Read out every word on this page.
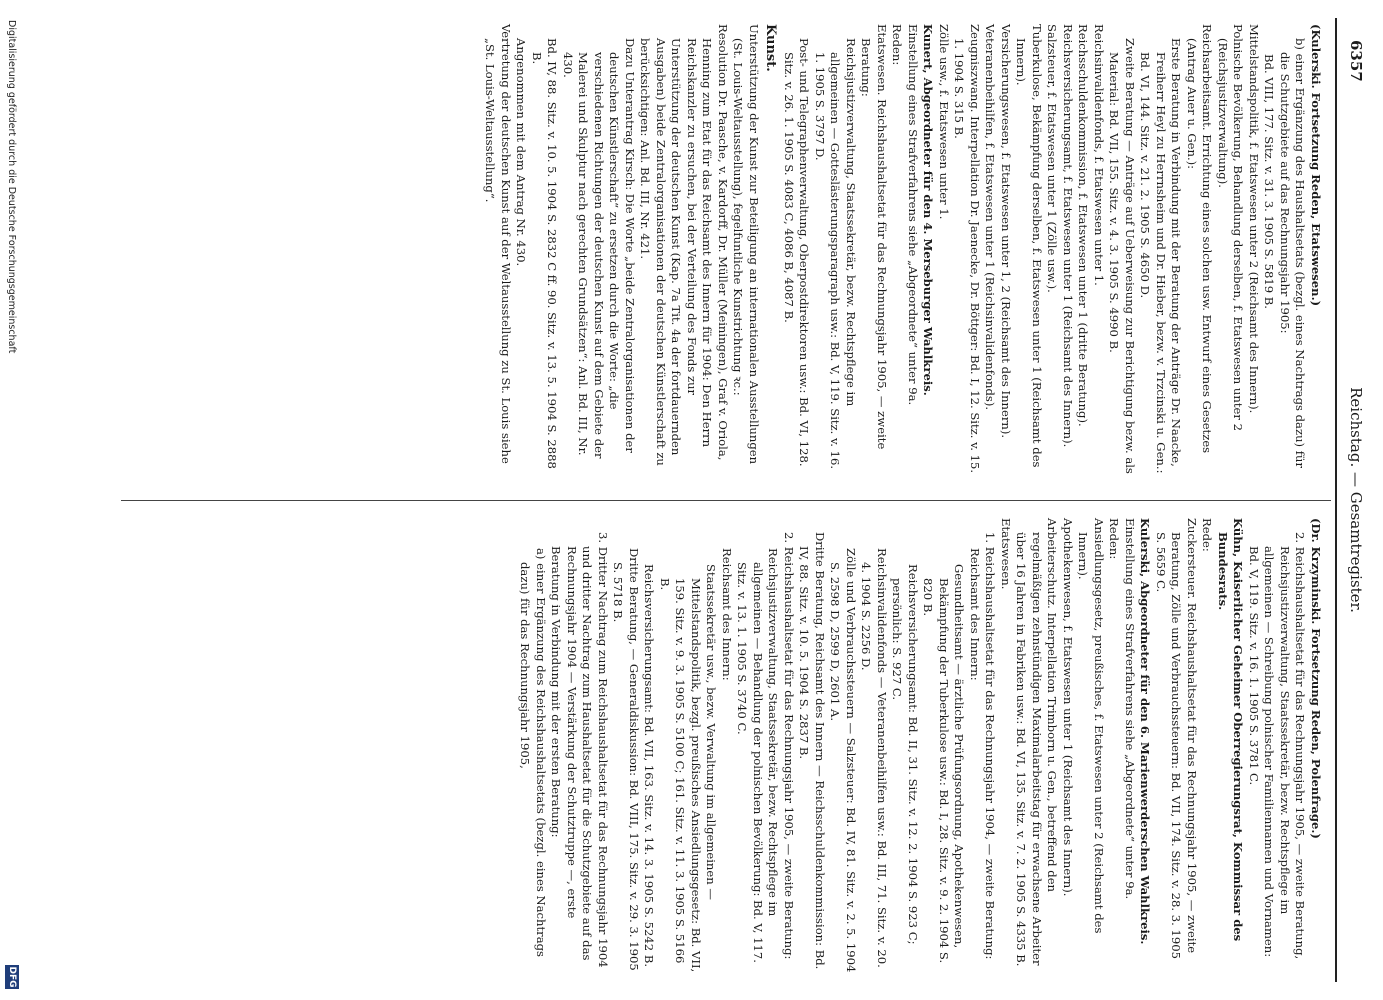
6357
Reichstag. — Gesamtregister.

(Kulerski. Fortsetzung Reden, Etatswesen.)

b) einer Ergänzung des Haushaltsetats (bezgl. eines Nachtrags dazu) für die Schutzgebiete auf das Rechnungsjahr 1905:

Bd. VIII, 177. Sitz. v. 31. 3. 1905 S. 5819 B.

Mittelstandspolitik, f. Etatswesen unter 2 (Reichsamt des Innern).

Polnische Bevölkerung, Behandlung derselben, f. Etatswesen unter 2 (Reichsjustizverwaltung).

Reichsarbeitsamt. Errichtung eines solchen usw. Entwurf eines Gesetzes (Antrag Auer u. Gen.):

Erste Beratung in Verbindung mit der Beratung der Anträge Dr. Naacke, Freiherr Heyl zu Herrnsheim und Dr. Hieber, bezw. v. Trzcinski u. Gen.: Bd. VI, 144. Sitz. v. 21. 2. 1905 S. 4650 D.

Zweite Beratung — Anträge auf Ueberweisung zur Berichtigung bezw. als Material: Bd. VII, 155. Sitz. v. 4. 3. 1905 S. 4990 B.

Reichsinvalidenfonds, f. Etatswesen unter 1.

Reichsschuldenkommission, f. Etatswesen unter 1 (dritte Beratung).

Reichsversicherungsamt, f. Etatswesen unter 1 (Reichsamt des Innern).

Salzsteuer, f. Etatswesen unter 1 (Zölle usw.).

Tuberkulose, Bekämpfung derselben, f. Etatswesen unter 1 (Reichsamt des Innern).

Versicherungswesen, f. Etatswesen unter 1, 2 (Reichsamt des Innern).

Veteranenbeihilfen, f. Etatswesen unter 1 (Reichsinvalidenfonds).

Zeugniszwang. Interpellation Dr. Jaenecke, Dr. Böttger: Bd. I, 12. Sitz. v. 15. 1. 1904 S. 315 B.

Zölle usw., f. Etatswesen unter 1.

Kunert, Abgeordneter für den 4. Merseburger Wahlkreis.

Einstellung eines Strafverfahrens siehe „Abgeordnete“ unter 9a.

Reden:

Etatswesen. Reichshaushaltsetat für das Rechnungsjahr 1905, — zweite Beratung:

Reichsjustizverwaltung, Staatssekretär, bezw. Rechtspflege im allgemeinen — Gotteslästerungsparagraph usw.: Bd. V, 119. Sitz. v. 16. 1. 1905 S. 3797 D.

Post- und Telegraphenverwaltung, Oberpostdirektoren usw.: Bd. VI, 128. Sitz. v. 26. 1. 1905 S. 4083 C, 4086 B, 4087 B.

Kunst.

Unterstützung der Kunst zur Beteiligung an internationalen Ausstellungen (St. Louis-Weltausstellung), fegelfuntliche Kunstrichtung ꝛc.:

Resolution Dr. Paasche, v. Kardorff, Dr. Müller (Meiningen), Graf v. Oriola, Henning zum Etat für das Reichsamt des Innern für 1904: Den Herrn Reichskanzler zu ersuchen, bei der Verteilung des Fonds zur Unterstützung der deutschen Kunst (Kap. 7a Tit. 4a der fortdauernden Ausgaben) beide Zentralorganisationen der deutschen Künstlerschaft zu berücksichtigen: Anl. Bd. III, Nr. 421.

Dazu Unterantrag Kirsch: Die Worte „beide Zentralorganisationen der deutschen Künstlerschaft“ zu ersetzen durch die Worte: „die verschiedenen Richtungen der deutschen Kunst auf dem Gebiete der Malerei und Skulptur nach gerechten Grundsätzen“: Anl. Bd. III, Nr. 430.

Bd. IV, 88. Sitz. v. 10. 5. 1904 S. 2832 C ff. 90. Sitz. v. 13. 5. 1904 S. 2888 B.

Angenommen mit dem Antrag Nr. 430.

Vertretung der deutschen Kunst auf der Weltausstellung zu St. Louis siehe „St. Louis-Weltausstellung“.

(Dr. Krzyminski. Fortsetzung Reden, Polenfrage.)

2. Reichshaushaltsetat für das Rechnungsjahr 1905, — zweite Beratung, Reichsjustizverwaltung, Staatssekretär, bezw. Rechtspflege im allgemeinen — Schreibung polnischer Familiennamen und Vornamen: Bd. V, 119. Sitz. v. 16. 1. 1905 S. 3781 C.

Kühn, Kaiserlicher Geheimer Oberregierungsrat, Kommissar des Bundesrats.

Rede:

Zuckersteuer. Reichshaushaltsetat für das Rechnungsjahr 1905, — zweite Beratung, Zölle und Verbrauchssteuern: Bd. VII, 174. Sitz. v. 28. 3. 1905 S. 5659 C.

Kulerski, Abgeordneter für den 6. Marienwerderschen Wahlkreis.

Einstellung eines Strafverfahrens siehe „Abgeordnete“ unter 9a.

Reden:

Ansiedlungsgesetz, preußisches, f. Etatswesen unter 2 (Reichsamt des Innern).

Apothekenwesen, f. Etatswesen unter 1 (Reichsamt des Innern).

Arbeiterschutz. Interpellation Trimborn u. Gen., betreffend den regelmäßigen zehnstündigen Maximalarbeitstag für erwachsene Arbeiter über 16 Jahren in Fabriken usw.: Bd. VI, 135. Sitz. v. 7. 2. 1905 S. 4335 B.

Etatswesen.

1. Reichshaushaltsetat für das Rechnungsjahr 1904, — zweite Beratung:

Reichsamt des Innern:

Gesundheitsamt — ärztliche Prüfungsordnung, Apothekenwesen, Bekämpfung der Tuberkulose usw.: Bd. I, 28. Sitz. v. 9. 2. 1904 S. 820 B.

Reichsversicherungsamt: Bd. II, 31. Sitz. v. 12. 2. 1904 S. 923 C; persönlich: S. 927 C.

Reichsinvalidenfonds — Veteranenbeihilfen usw.: Bd. III, 71. Sitz. v. 20. 4. 1904 S. 2256 D.

Zölle und Verbrauchssteuern — Salzsteuer: Bd. IV, 81. Sitz. v. 2. 5. 1904 S. 2598 D, 2599 D, 2601 A.

Dritte Beratung, Reichsamt des Innern — Reichsschuldenkommission: Bd. IV, 88. Sitz. v. 10. 5. 1904 S. 2837 B.

2. Reichshaushaltsetat für das Rechnungsjahr 1905, — zweite Beratung:

Reichsjustizverwaltung, Staatssekretär, bezw. Rechtspflege im allgemeinen — Behandlung der polnischen Bevölkerung: Bd. V, 117. Sitz. v. 13. 1. 1905 S. 3740 C.

Reichsamt des Innern:

Staatssekretär usw., bezw. Verwaltung im allgemeinen — Mittelstandspolitik, bezgl. preußisches Ansiedlungsgesetz: Bd. VII, 159. Sitz. v. 9. 3. 1905 S. 5100 C; 161. Sitz. v. 11. 3. 1905 S. 5166 B.

Reichsversicherungsamt: Bd. VII, 163. Sitz. v. 14. 3. 1905 S. 5242 B.

Dritte Beratung, — Generaldiskussion: Bd. VIII, 175. Sitz. v. 29. 3. 1905 S. 5718 B.

3. Dritter Nachtrag zum Reichshaushaltsetat für das Rechnungsjahr 1904 und dritter Nachtrag zum Haushaltsetat für die Schutzgebiete auf das Rechnungsjahr 1904 — Verstärkung der Schutztruppe —, erste Beratung in Verbindung mit der ersten Beratung:

a) einer Ergänzung des Reichshaushaltsetats (bezgl. eines Nachtrags dazu) für das Rechnungsjahr 1905,

Digitalisierung gefördert durch die Deutsche Forschungsgemeinschaft
DFG
